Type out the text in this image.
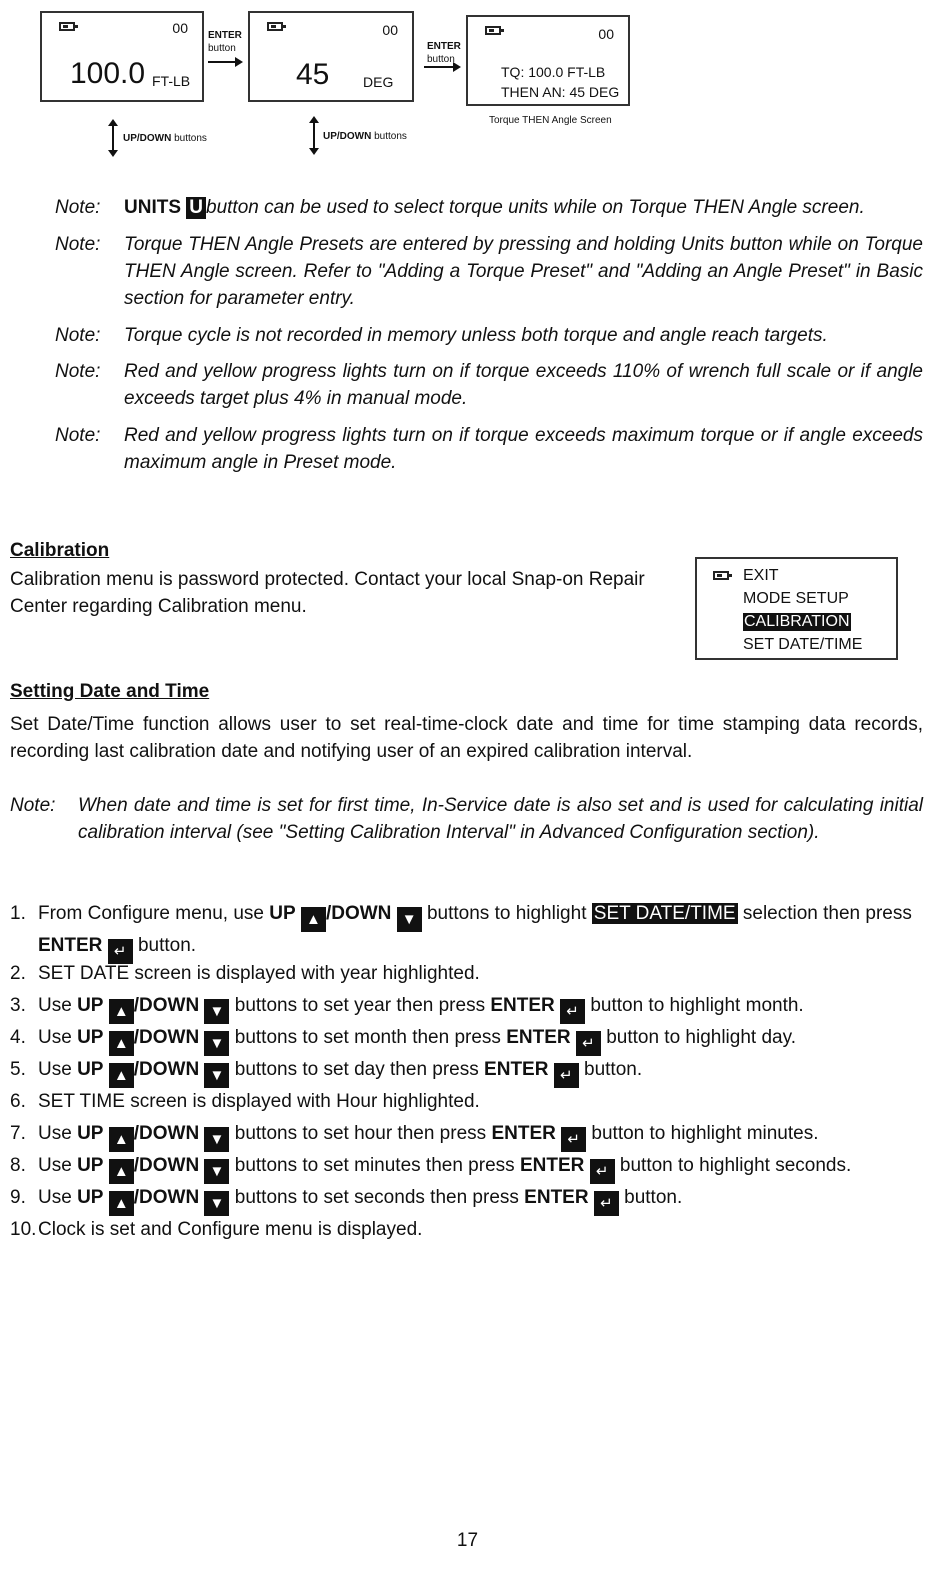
00
100.0 FT-LB
ENTER
button
00
45 DEG
ENTER
button
00
TQ: 100.0 FT-LB
THEN AN: 45 DEG
UP/DOWN buttons	UP/DOWN buttons
Torque THEN Angle Screen
Note: UNITS U button can be used to select torque units while on Torque THEN Angle screen.
Note: Torque THEN Angle Presets are entered by pressing and holding Units button while on Torque THEN Angle screen. Refer to "Adding a Torque Preset" and "Adding an Angle Preset" in Basic section for parameter entry.
Note: Torque cycle is not recorded in memory unless both torque and angle reach targets.
Note: Red and yellow progress lights turn on if torque exceeds 110% of wrench full scale or if angle exceeds target plus 4% in manual mode.
Note: Red and yellow progress lights turn on if torque exceeds maximum torque or if angle exceeds maximum angle in Preset mode.
Calibration
Calibration menu is password protected. Contact your local Snap-on Repair Center regarding Calibration menu.
EXIT
MODE SETUP
CALIBRATION
SET DATE/TIME
Setting Date and Time
Set Date/Time function allows user to set real-time-clock date and time for time stamping data records, recording last calibration date and notifying user of an expired calibration interval.
Note: When date and time is set for first time, In-Service date is also set and is used for calculating initial calibration interval (see "Setting Calibration Interval" in Advanced Configuration section).
1. From Configure menu, use UP ▲ /DOWN ▼ buttons to highlight SET DATE/TIME selection then press ENTER ↵ button.
2. SET DATE screen is displayed with year highlighted.
3. Use UP ▲ /DOWN ▼ buttons to set year then press ENTER ↵ button to highlight month.
4. Use UP ▲ /DOWN ▼ buttons to set month then press ENTER ↵ button to highlight day.
5. Use UP ▲ /DOWN ▼ buttons to set day then press ENTER ↵ button.
6. SET TIME screen is displayed with Hour highlighted.
7. Use UP ▲ /DOWN ▼ buttons to set hour then press ENTER ↵ button to highlight minutes.
8. Use UP ▲ /DOWN ▼ buttons to set minutes then press ENTER ↵ button to highlight seconds.
9. Use UP ▲ /DOWN ▼ buttons to set seconds then press ENTER ↵ button.
10. Clock is set and Configure menu is displayed.
17
